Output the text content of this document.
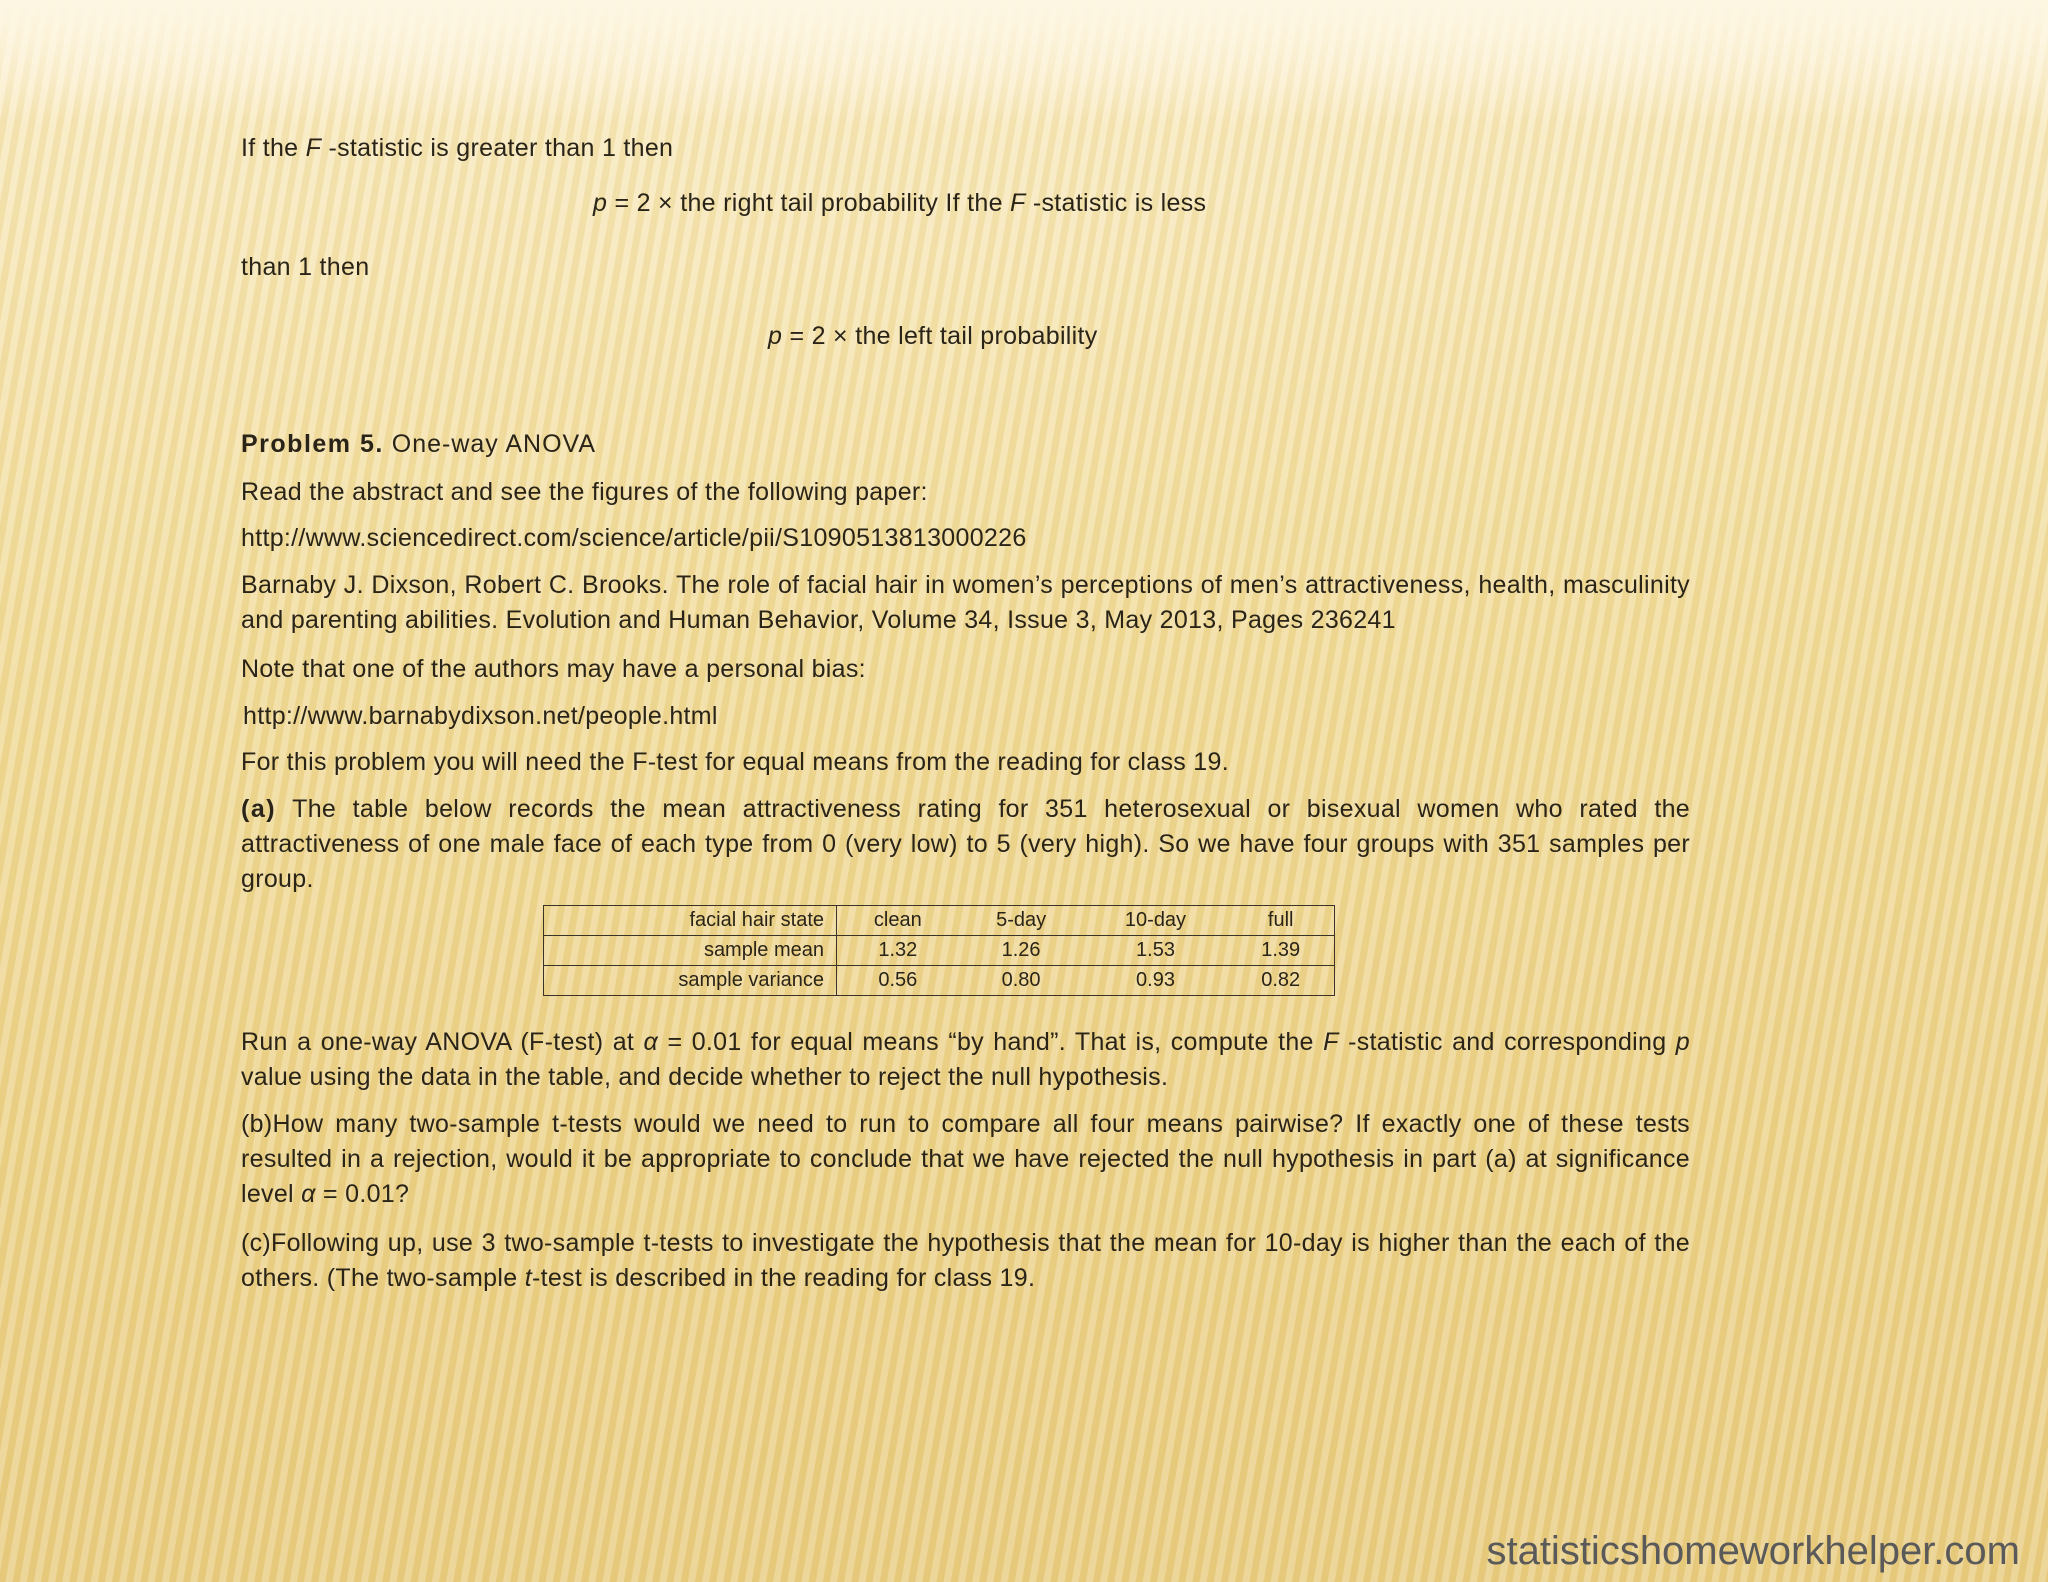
If the F -statistic is greater than 1 then
p = 2 × the right tail probability If the F -statistic is less
than 1 then
p = 2 × the left tail probability
Problem 5. One-way ANOVA
Read the abstract and see the figures of the following paper:
http://www.sciencedirect.com/science/article/pii/S1090513813000226

Barnaby J. Dixson, Robert C. Brooks. The role of facial hair in women’s perceptions of men’s attractiveness, health, masculinity and parenting abilities. Evolution and Human Behavior, Volume 34, Issue 3, May 2013, Pages 236241

Note that one of the authors may have a personal bias:
http://www.barnabydixson.net/people.html
For this problem you will need the F-test for equal means from the reading for class 19.

(a) The table below records the mean attractiveness rating for 351 heterosexual or bisexual women who rated the attractiveness of one male face of each type from 0 (very low) to 5 (very high). So we have four groups with 351 samples per group.

facial hair state	clean	5-day	10-day	full
sample mean	1.32	1.26	1.53	1.39
sample variance	0.56	0.80	0.93	0.82

Run a one-way ANOVA (F-test) at α = 0.01 for equal means “by hand”. That is, compute the F -statistic and corresponding p value using the data in the table, and decide whether to reject the null hypothesis.

(b)How many two-sample t-tests would we need to run to compare all four means pairwise? If exactly one of these tests resulted in a rejection, would it be appropriate to conclude that we have rejected the null hypothesis in part (a) at significance level α = 0.01?

(c)Following up, use 3 two-sample t-tests to investigate the hypothesis that the mean for 10-day is higher than the each of the others. (The two-sample t-test is described in the reading for class 19.

statisticshomeworkhelper.com
